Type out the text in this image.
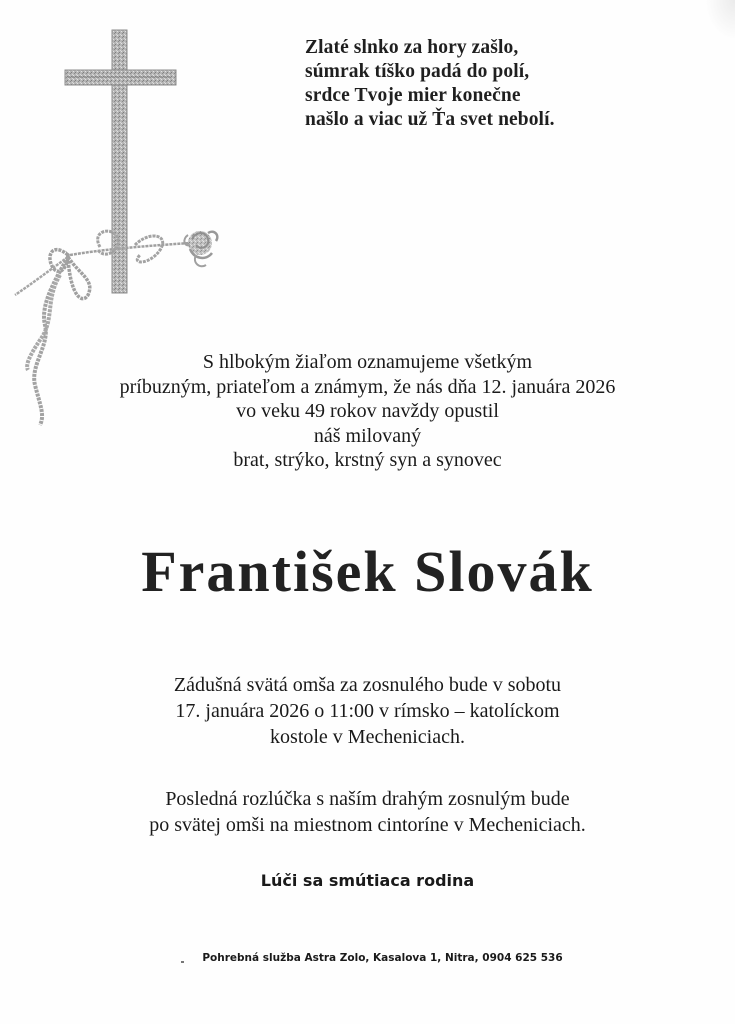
Zlaté slnko za hory zašlo,
súmrak tíško padá do polí,
srdce Tvoje mier konečne
našlo a viac už Ťa svet nebolí.
S hlbokým žiaľom oznamujeme všetkým
príbuzným, priateľom a známym, že nás dňa 12. januára 2026
vo veku 49 rokov navždy opustil
náš milovaný
brat, strýko, krstný syn a synovec
František Slovák
Zádušná svätá omša za zosnulého bude v sobotu
17. januára 2026 o 11:00 v rímsko – katolíckom
kostole v Mecheniciach.
Posledná rozlúčka s naším drahým zosnulým bude
po svätej omši na miestnom cintoríne v Mecheniciach.
Lúči sa smútiaca rodina
Pohrebná služba Astra Zolo, Kasalova 1, Nitra, 0904 625 536
